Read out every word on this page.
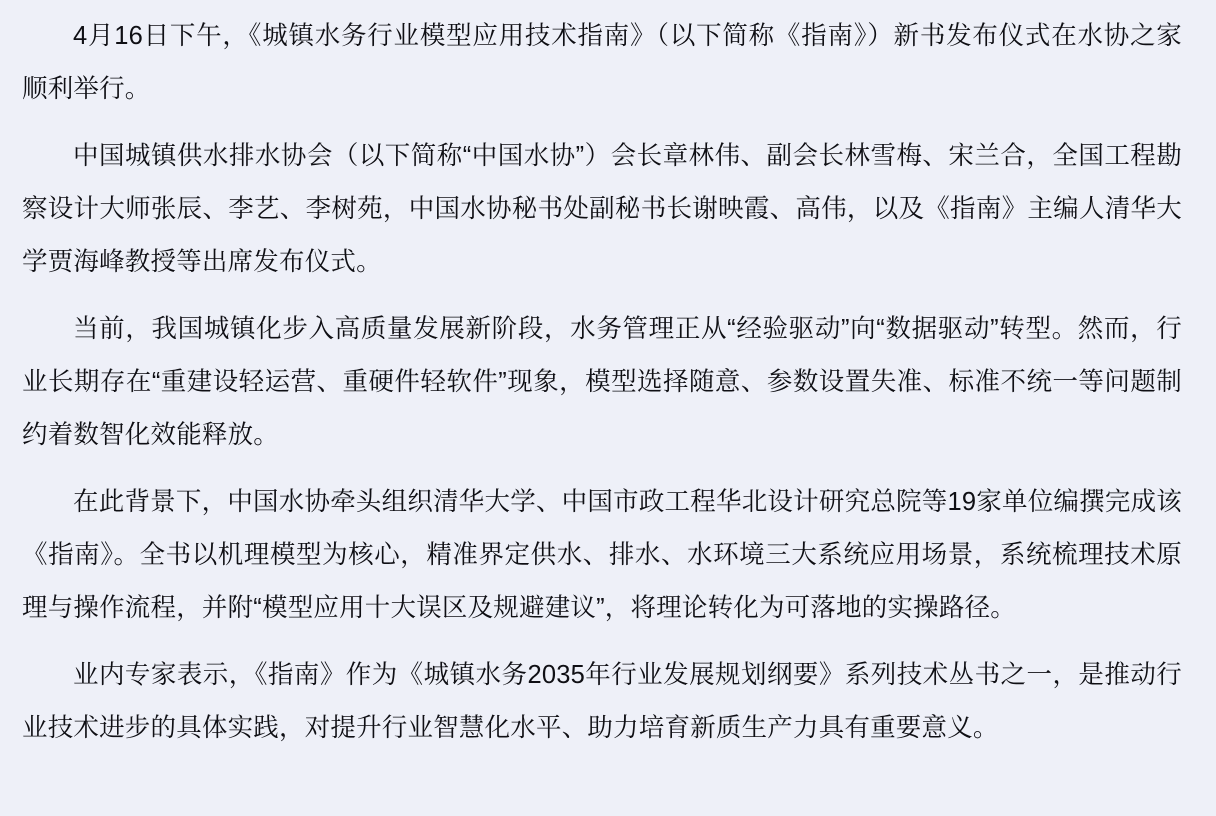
4月16日下午，《城镇水务行业模型应用技术指南》（以下简称《指南》）新书发布仪式在水协之家顺利举行。

中国城镇供水排水协会（以下简称“中国水协”）会长章林伟、副会长林雪梅、宋兰合，全国工程勘察设计大师张辰、李艺、李树苑，中国水协秘书处副秘书长谢映霞、高伟，以及《指南》主编人清华大学贾海峰教授等出席发布仪式。

当前，我国城镇化步入高质量发展新阶段，水务管理正从“经验驱动”向“数据驱动”转型。然而，行业长期存在“重建设轻运营、重硬件轻软件”现象，模型选择随意、参数设置失准、标准不统一等问题制约着数智化效能释放。

在此背景下，中国水协牵头组织清华大学、中国市政工程华北设计研究总院等19家单位编撰完成该《指南》。全书以机理模型为核心，精准界定供水、排水、水环境三大系统应用场景，系统梳理技术原理与操作流程，并附“模型应用十大误区及规避建议”，将理论转化为可落地的实操路径。

业内专家表示，《指南》作为《城镇水务2035年行业发展规划纲要》系列技术丛书之一，是推动行业技术进步的具体实践，对提升行业智慧化水平、助力培育新质生产力具有重要意义。
